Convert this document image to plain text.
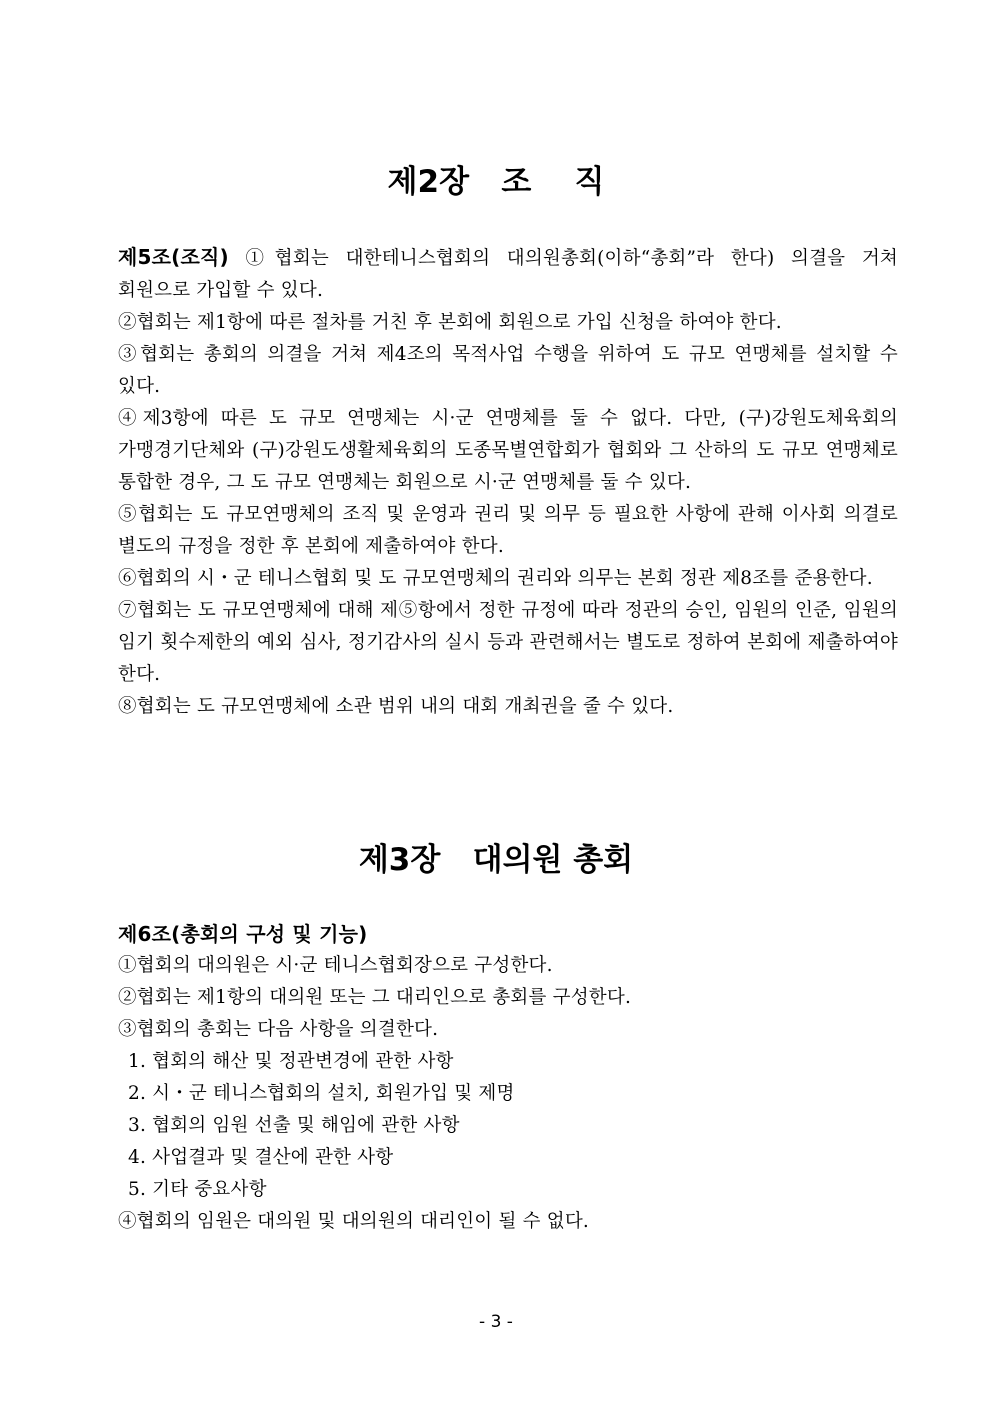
제2장   조    직

제5조(조직) ①협회는 대한테니스협회의 대의원총회(이하“총회”라 한다) 의결을 거쳐 회원으로 가입할 수 있다.

②협회는 제1항에 따른 절차를 거친 후 본회에 회원으로 가입 신청을 하여야 한다.

③협회는 총회의 의결을 거쳐 제4조의 목적사업 수행을 위하여 도 규모 연맹체를 설치할 수 있다.

④제3항에 따른 도 규모 연맹체는 시·군 연맹체를 둘 수 없다. 다만, (구)강원도체육회의 가맹경기단체와 (구)강원도생활체육회의 도종목별연합회가 협회와 그 산하의 도 규모 연맹체로 통합한 경우, 그 도 규모 연맹체는 회원으로 시·군 연맹체를 둘 수 있다.

⑤협회는 도 규모연맹체의 조직 및 운영과 권리 및 의무 등 필요한 사항에 관해 이사회 의결로 별도의 규정을 정한 후 본회에 제출하여야 한다.

⑥협회의 시・군 테니스협회 및 도 규모연맹체의 권리와 의무는 본회 정관 제8조를 준용한다.

⑦협회는 도 규모연맹체에 대해 제⑤항에서 정한 규정에 따라 정관의 승인, 임원의 인준, 임원의 임기 횟수제한의 예외 심사, 정기감사의 실시 등과 관련해서는 별도로 정하여 본회에 제출하여야 한다.

⑧협회는 도 규모연맹체에 소관 범위 내의 대회 개최권을 줄 수 있다.

제3장   대의원 총회

제6조(총회의 구성 및 기능)

①협회의 대의원은 시·군 테니스협회장으로 구성한다.

②협회는 제1항의 대의원 또는 그 대리인으로 총회를 구성한다.

③협회의 총회는 다음 사항을 의결한다.

1. 협회의 해산 및 정관변경에 관한 사항

2. 시・군 테니스협회의 설치, 회원가입 및 제명

3. 협회의 임원 선출 및 해임에 관한 사항

4. 사업결과 및 결산에 관한 사항

5. 기타 중요사항

④협회의 임원은 대의원 및 대의원의 대리인이 될 수 없다.

- 3 -
